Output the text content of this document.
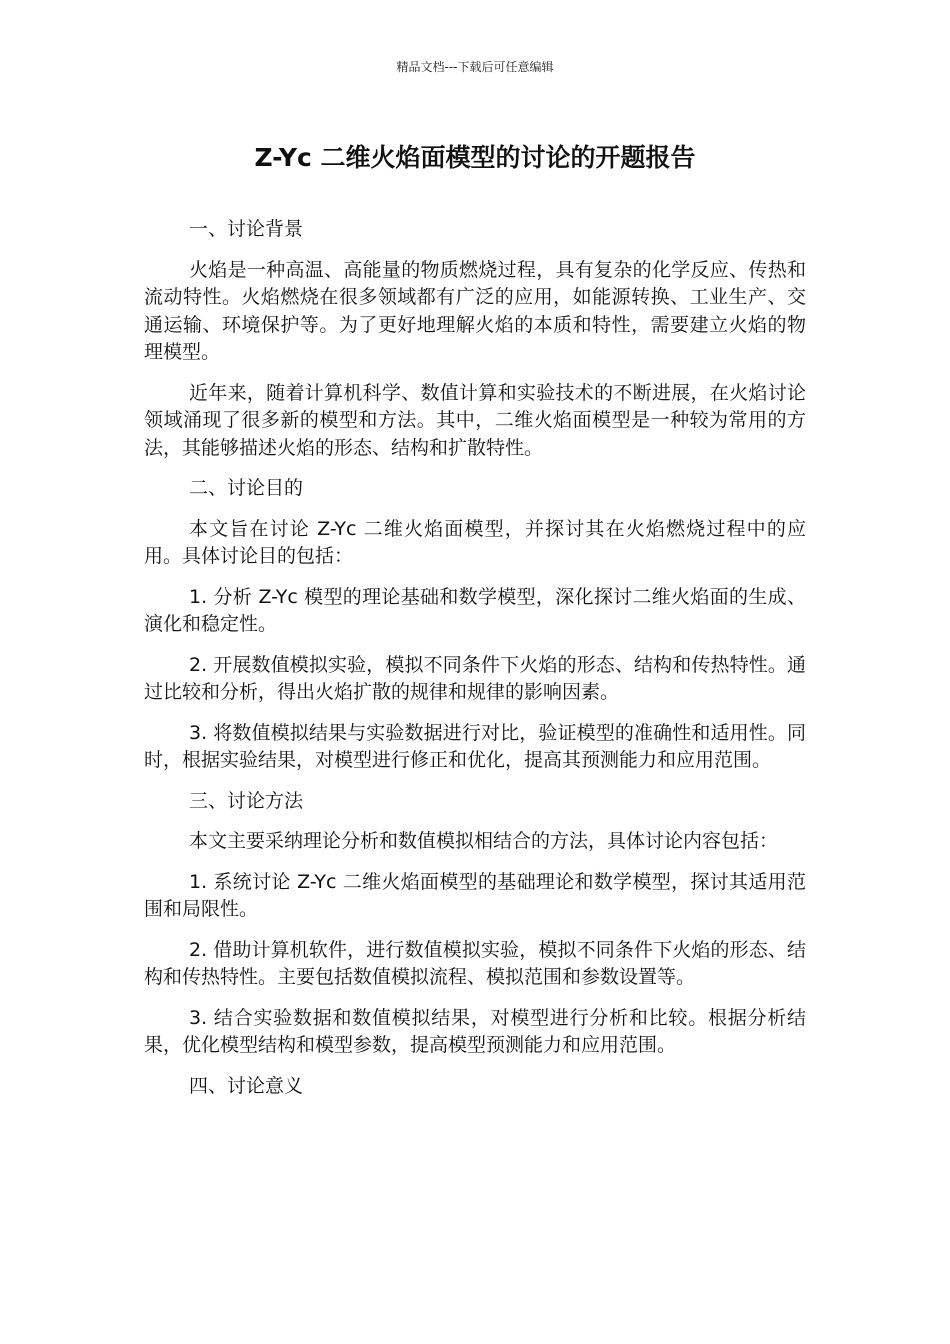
精品文档---下载后可任意编辑
Z-Yc 二维火焰面模型的讨论的开题报告

一、讨论背景

火焰是一种高温、高能量的物质燃烧过程，具有复杂的化学反应、传热和流动特性。火焰燃烧在很多领域都有广泛的应用，如能源转换、工业生产、交通运输、环境保护等。为了更好地理解火焰的本质和特性，需要建立火焰的物理模型。

近年来，随着计算机科学、数值计算和实验技术的不断进展，在火焰讨论领域涌现了很多新的模型和方法。其中，二维火焰面模型是一种较为常用的方法，其能够描述火焰的形态、结构和扩散特性。

二、讨论目的

本文旨在讨论 Z-Yc 二维火焰面模型，并探讨其在火焰燃烧过程中的应用。具体讨论目的包括：

1. 分析 Z-Yc 模型的理论基础和数学模型，深化探讨二维火焰面的生成、演化和稳定性。

2. 开展数值模拟实验，模拟不同条件下火焰的形态、结构和传热特性。通过比较和分析，得出火焰扩散的规律和规律的影响因素。

3. 将数值模拟结果与实验数据进行对比，验证模型的准确性和适用性。同时，根据实验结果，对模型进行修正和优化，提高其预测能力和应用范围。

三、讨论方法

本文主要采纳理论分析和数值模拟相结合的方法，具体讨论内容包括：

1. 系统讨论 Z-Yc 二维火焰面模型的基础理论和数学模型，探讨其适用范围和局限性。

2. 借助计算机软件，进行数值模拟实验，模拟不同条件下火焰的形态、结构和传热特性。主要包括数值模拟流程、模拟范围和参数设置等。

3. 结合实验数据和数值模拟结果，对模型进行分析和比较。根据分析结果，优化模型结构和模型参数，提高模型预测能力和应用范围。

四、讨论意义
